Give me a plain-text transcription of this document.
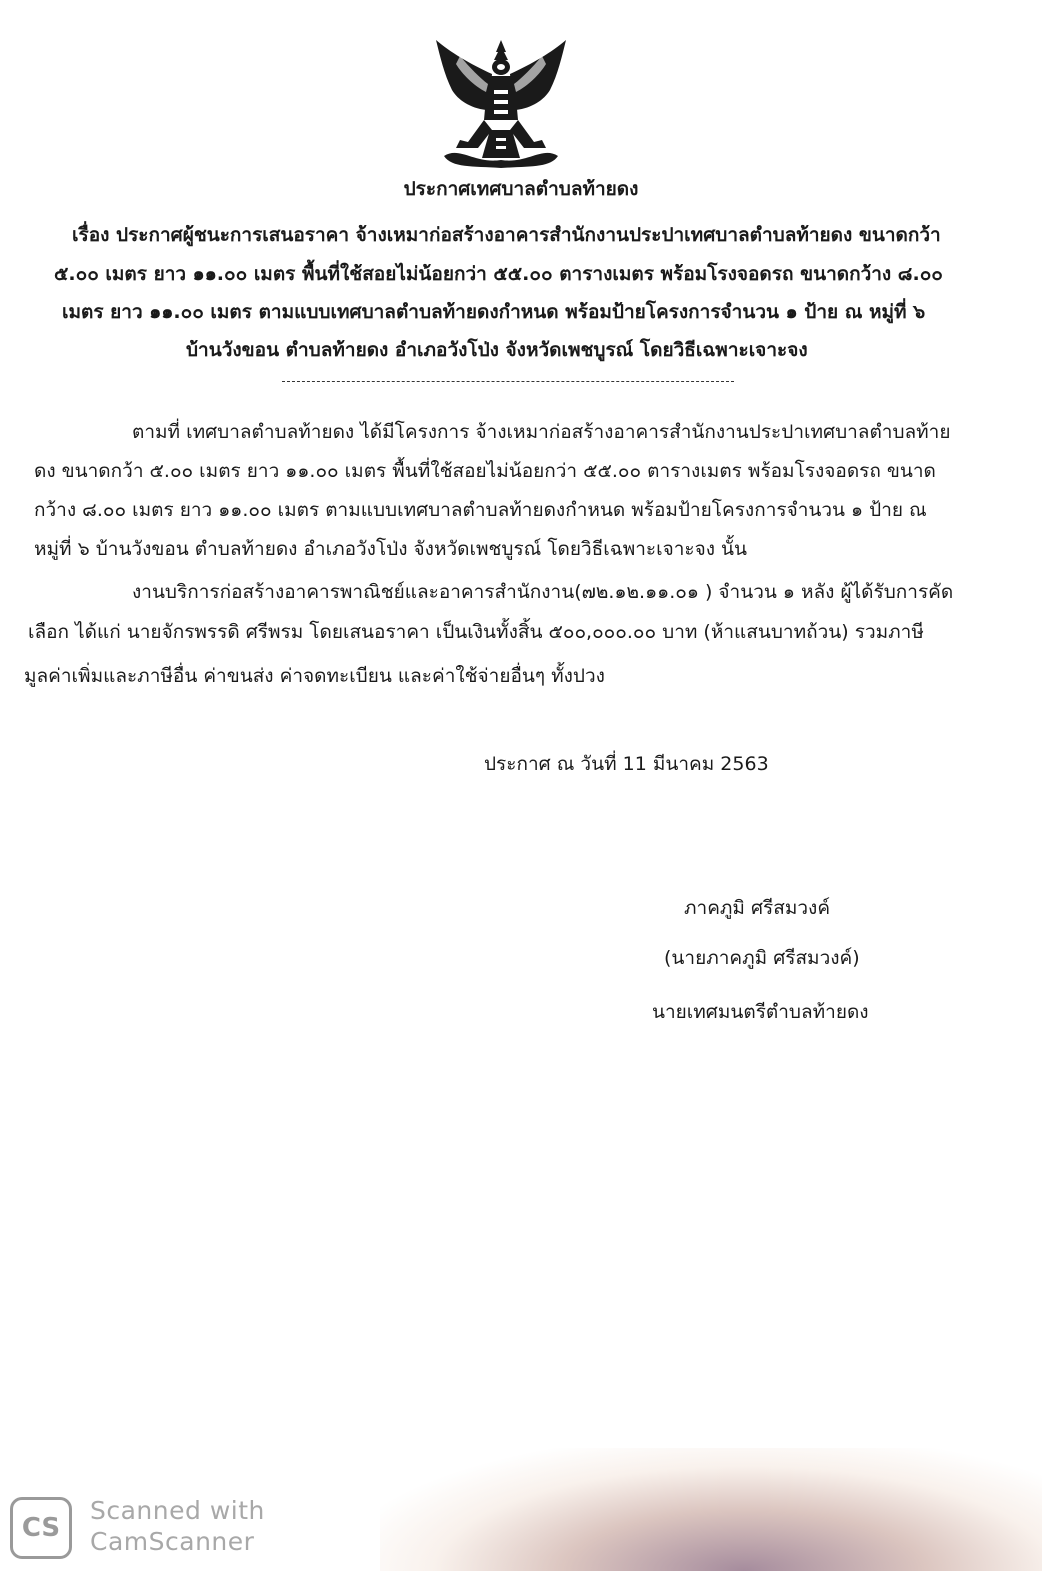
ประกาศเทศบาลตำบลท้ายดง
เรื่อง ประกาศผู้ชนะการเสนอราคา จ้างเหมาก่อสร้างอาคารสำนักงานประปาเทศบาลตำบลท้ายดง ขนาดกว้า
๕.๐๐ เมตร ยาว ๑๑.๐๐ เมตร พื้นที่ใช้สอยไม่น้อยกว่า ๕๕.๐๐ ตารางเมตร พร้อมโรงจอดรถ ขนาดกว้าง ๘.๐๐
เมตร ยาว ๑๑.๐๐ เมตร ตามแบบเทศบาลตำบลท้ายดงกำหนด พร้อมป้ายโครงการจำนวน ๑ ป้าย ณ หมู่ที่ ๖
บ้านวังขอน ตำบลท้ายดง อำเภอวังโป่ง จังหวัดเพชบูรณ์ โดยวิธีเฉพาะเจาะจง
ตามที่ เทศบาลตำบลท้ายดง ได้มีโครงการ จ้างเหมาก่อสร้างอาคารสำนักงานประปาเทศบาลตำบลท้าย
ดง ขนาดกว้า ๕.๐๐ เมตร ยาว ๑๑.๐๐ เมตร พื้นที่ใช้สอยไม่น้อยกว่า ๕๕.๐๐ ตารางเมตร พร้อมโรงจอดรถ ขนาด
กว้าง ๘.๐๐ เมตร ยาว ๑๑.๐๐ เมตร ตามแบบเทศบาลตำบลท้ายดงกำหนด พร้อมป้ายโครงการจำนวน ๑ ป้าย ณ
หมู่ที่ ๖ บ้านวังขอน ตำบลท้ายดง อำเภอวังโป่ง จังหวัดเพชบูรณ์ โดยวิธีเฉพาะเจาะจง นั้น
งานบริการก่อสร้างอาคารพาณิชย์และอาคารสำนักงาน(๗๒.๑๒.๑๑.๐๑ ) จำนวน ๑ หลัง ผู้ได้รับการคัด
เลือก ได้แก่ นายจักรพรรดิ ศรีพรม โดยเสนอราคา เป็นเงินทั้งสิ้น ๕๐๐,๐๐๐.๐๐ บาท (ห้าแสนบาทถ้วน) รวมภาษี
มูลค่าเพิ่มและภาษีอื่น ค่าขนส่ง ค่าจดทะเบียน และค่าใช้จ่ายอื่นๆ ทั้งปวง
ประกาศ ณ วันที่ 11 มีนาคม 2563
ภาคภูมิ ศรีสมวงค์
(นายภาคภูมิ ศรีสมวงค์)
นายเทศมนตรีตำบลท้ายดง
CS
Scanned with
CamScanner
